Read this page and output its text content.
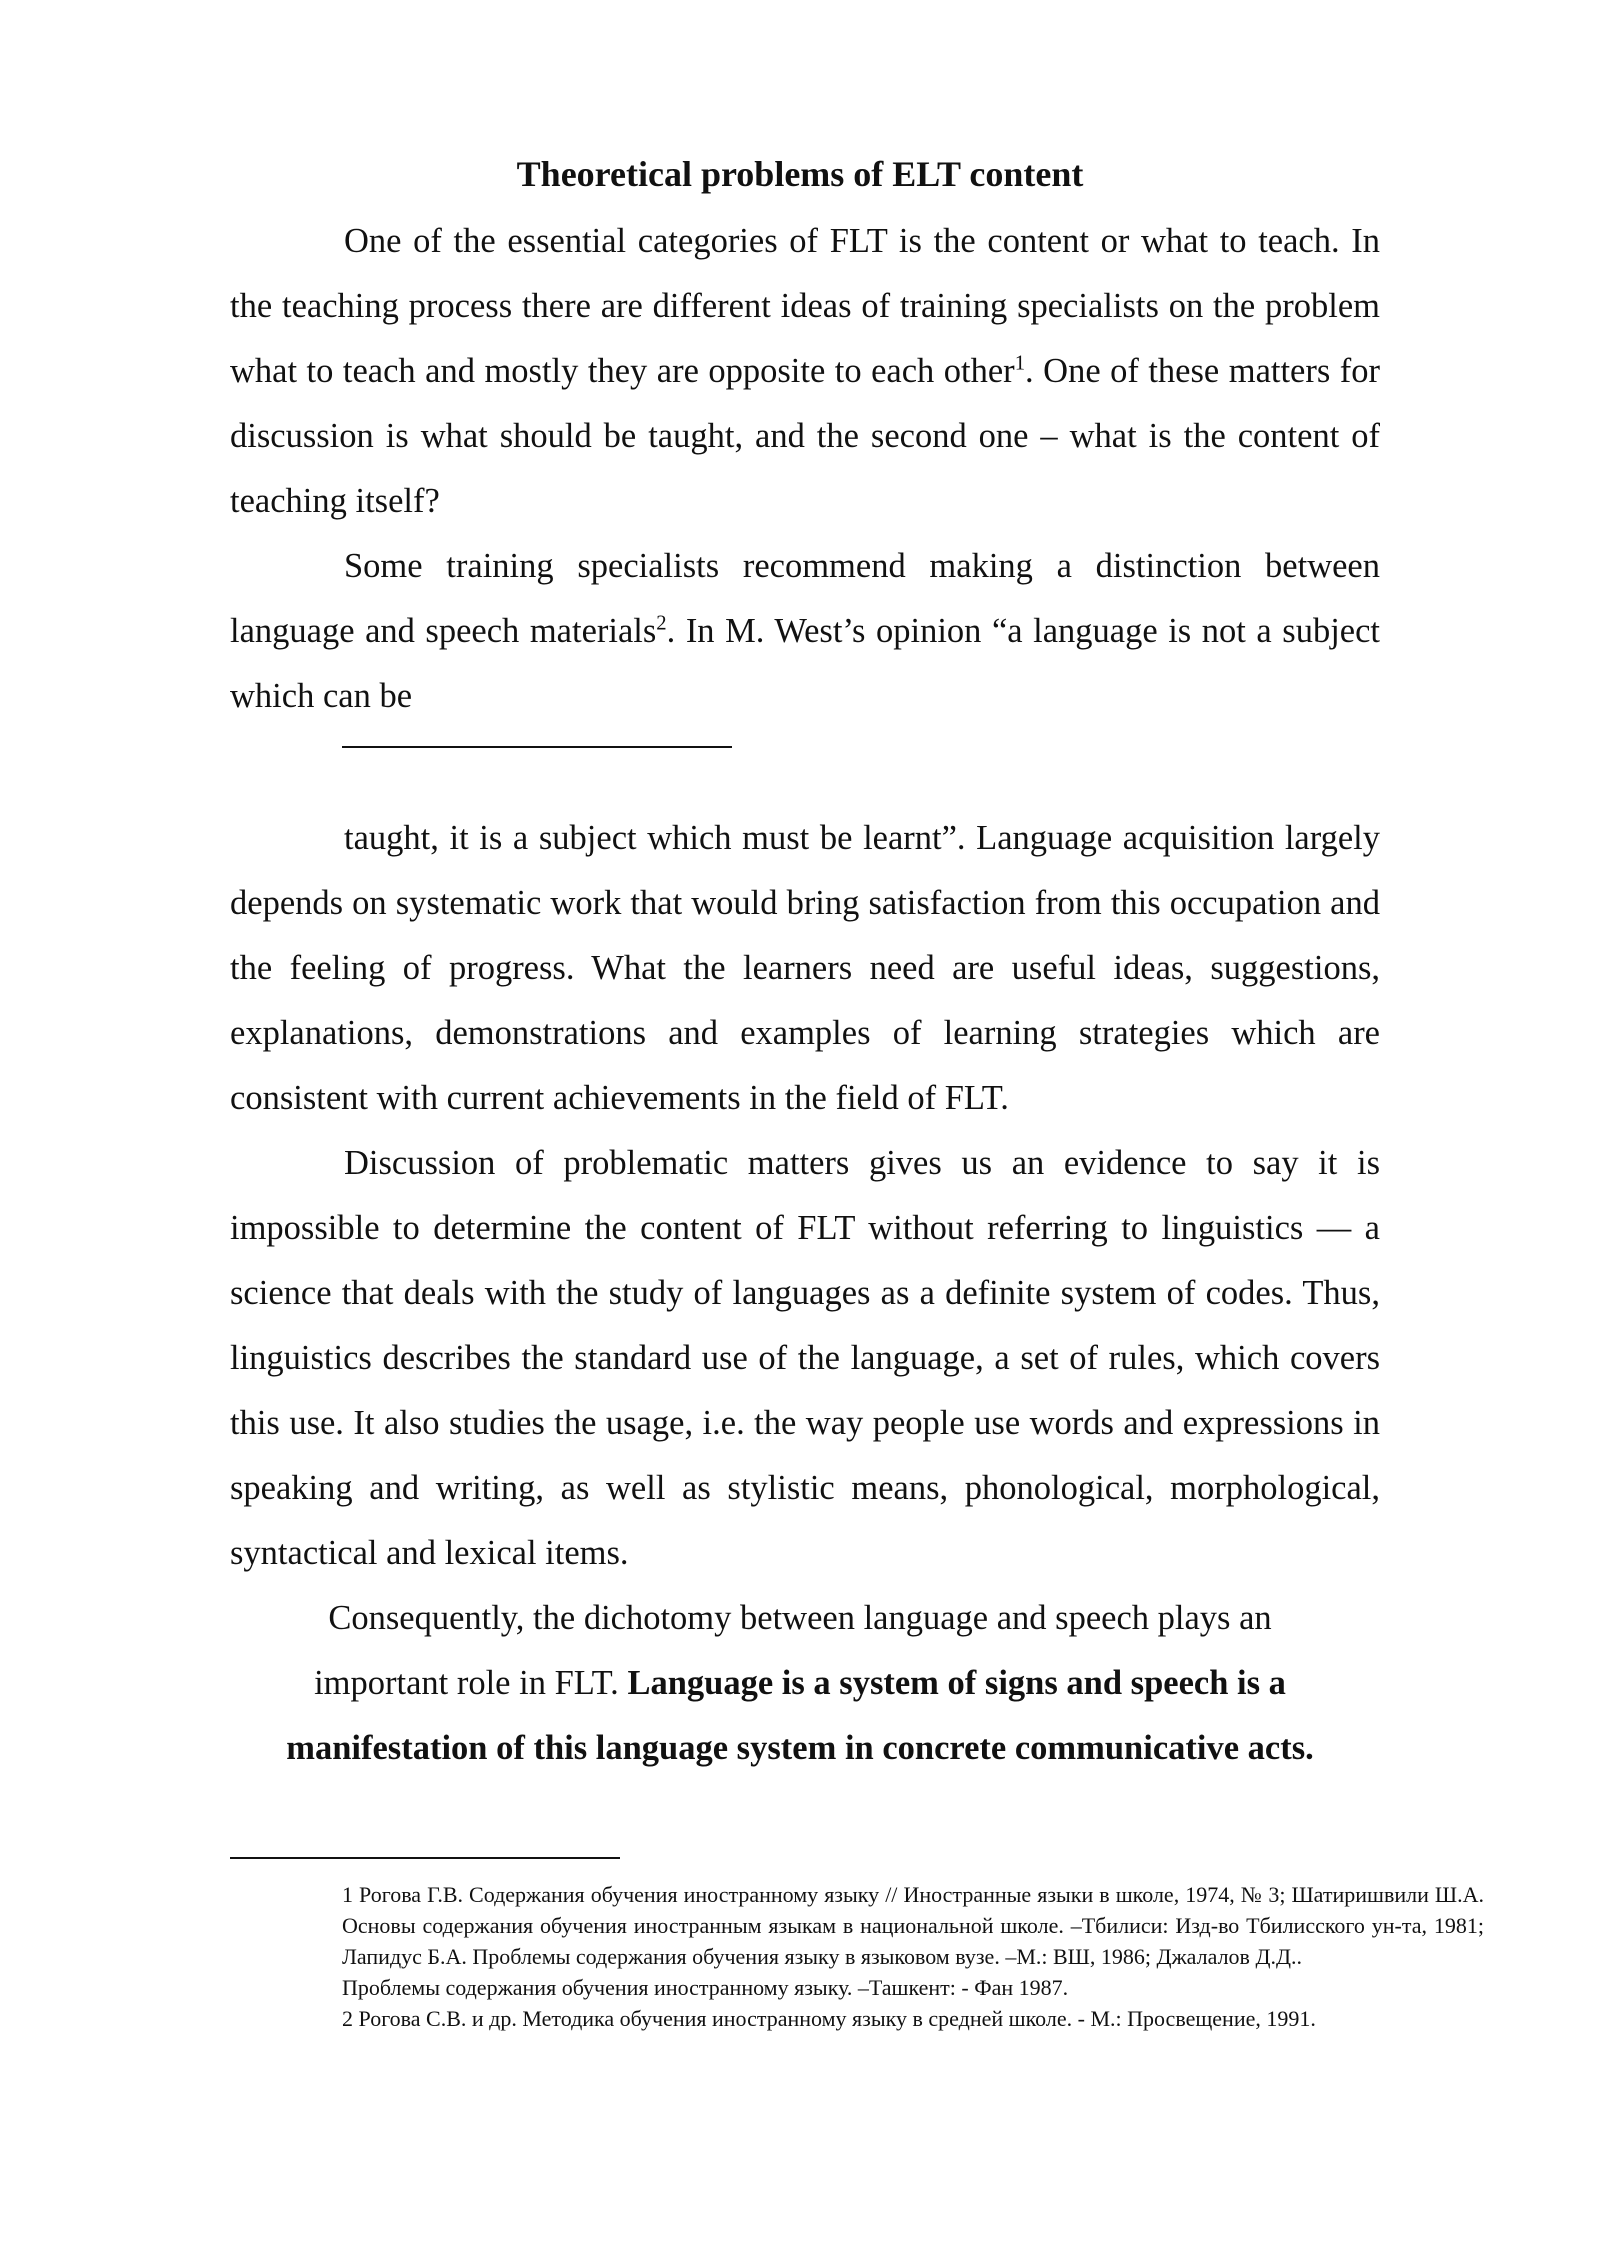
Theoretical problems of ELT content

One of the essential categories of FLT is the content or what to teach. In the teaching process there are different ideas of training specialists on the problem what to teach and mostly they are opposite to each other$^1$. One of these matters for discussion is what should be taught, and the second one – what is the content of teaching itself?

Some training specialists recommend making a distinction between language and speech materials$^2$. In M. West’s opinion “a language is not a subject which can be

taught, it is a subject which must be learnt”. Language acquisition largely depends on systematic work that would bring satisfaction from this occupation and the feeling of progress. What the learners need are useful ideas, suggestions, explanations, demonstrations and examples of learning strategies which are consistent with current achievements in the field of FLT.

Discussion of problematic matters gives us an evidence to say it is impossible to determine the content of FLT without referring to linguistics — a science that deals with the study of languages as a definite system of codes. Thus, linguistics describes the standard use of the language, a set of rules, which covers this use. It also studies the usage, i.e. the way people use words and expressions in speaking and writing, as well as stylistic means, phonological, morphological, syntactical and lexical items.

Consequently, the dichotomy between language and speech plays an

important role in FLT. Language is a system of signs and speech is a

manifestation of this language system in concrete communicative acts.

1 Рогова Г.В. Содержания обучения иностранному языку // Иностранные языки в школе, 1974, № 3; Шатиришвили Ш.А. Основы содержания обучения иностранным языкам в национальной школе. –Тбилиси: Изд-во Тбилисского ун-та, 1981; Лапидус Б.А. Проблемы содержания обучения языку в языковом вузе. –М.: ВШ, 1986; Джалалов Д.Д..

Проблемы содержания обучения иностранному языку. –Ташкент: - Фан 1987.

2 Рогова С.В. и др. Методика обучения иностранному языку в средней школе. - М.: Просвещение, 1991.
